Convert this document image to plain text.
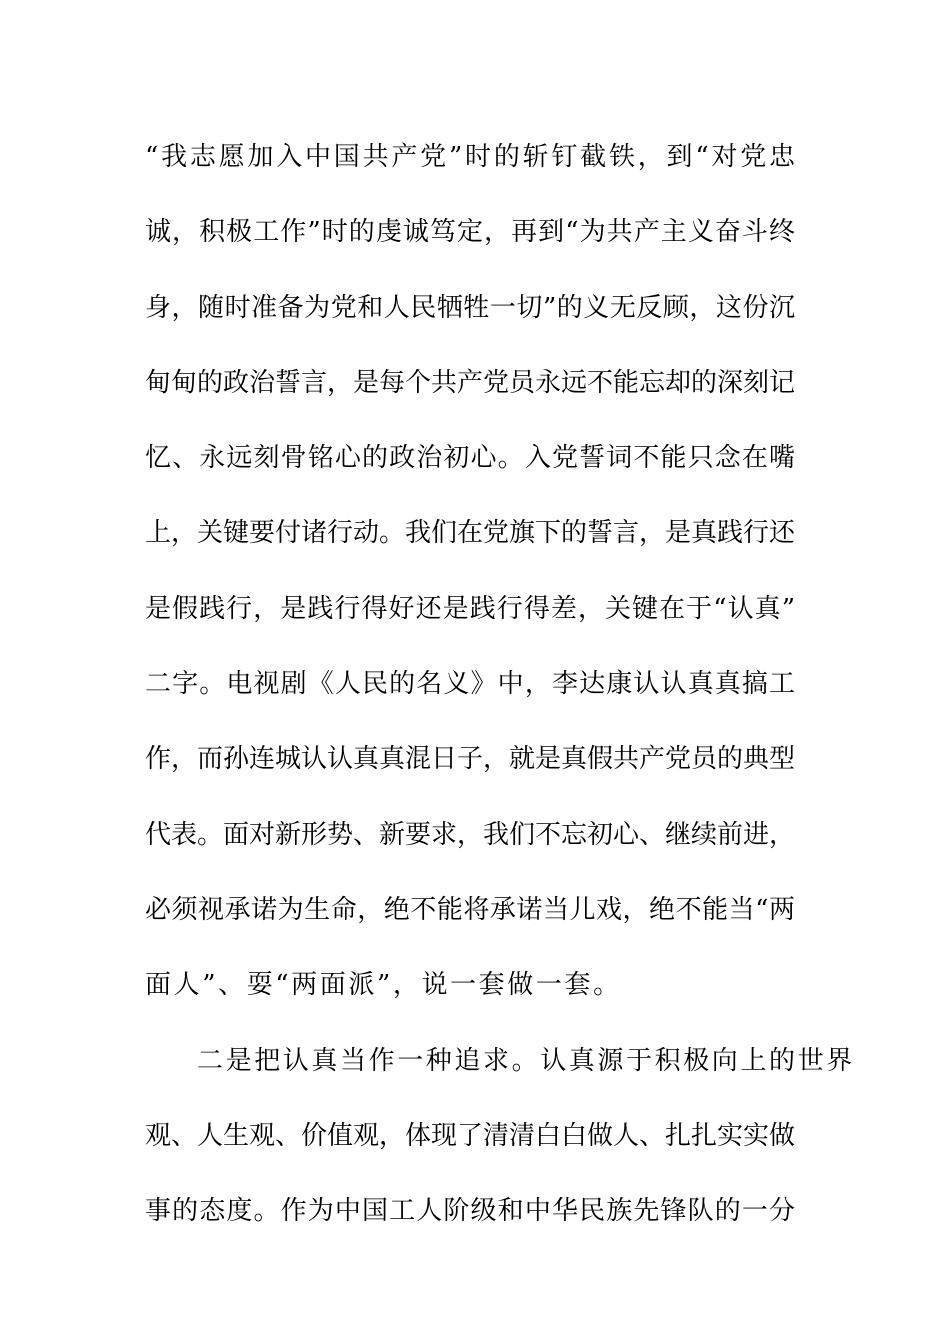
“我志愿加入中国共产党”时的斩钉截铁，到“对党忠
诚，积极工作”时的虔诚笃定，再到“为共产主义奋斗终
身，随时准备为党和人民牺牲一切”的义无反顾，这份沉
甸甸的政治誓言，是每个共产党员永远不能忘却的深刻记
忆、永远刻骨铭心的政治初心。入党誓词不能只念在嘴
上，关键要付诸行动。我们在党旗下的誓言，是真践行还
是假践行，是践行得好还是践行得差，关键在于“认真”
二字。电视剧《人民的名义》中，李达康认认真真搞工
作，而孙连城认认真真混日子，就是真假共产党员的典型
代表。面对新形势、新要求，我们不忘初心、继续前进，
必须视承诺为生命，绝不能将承诺当儿戏，绝不能当“两
面人”、耍“两面派”，说一套做一套。
二是把认真当作一种追求。认真源于积极向上的世界
观、人生观、价值观，体现了清清白白做人、扎扎实实做
事的态度。作为中国工人阶级和中华民族先锋队的一分
